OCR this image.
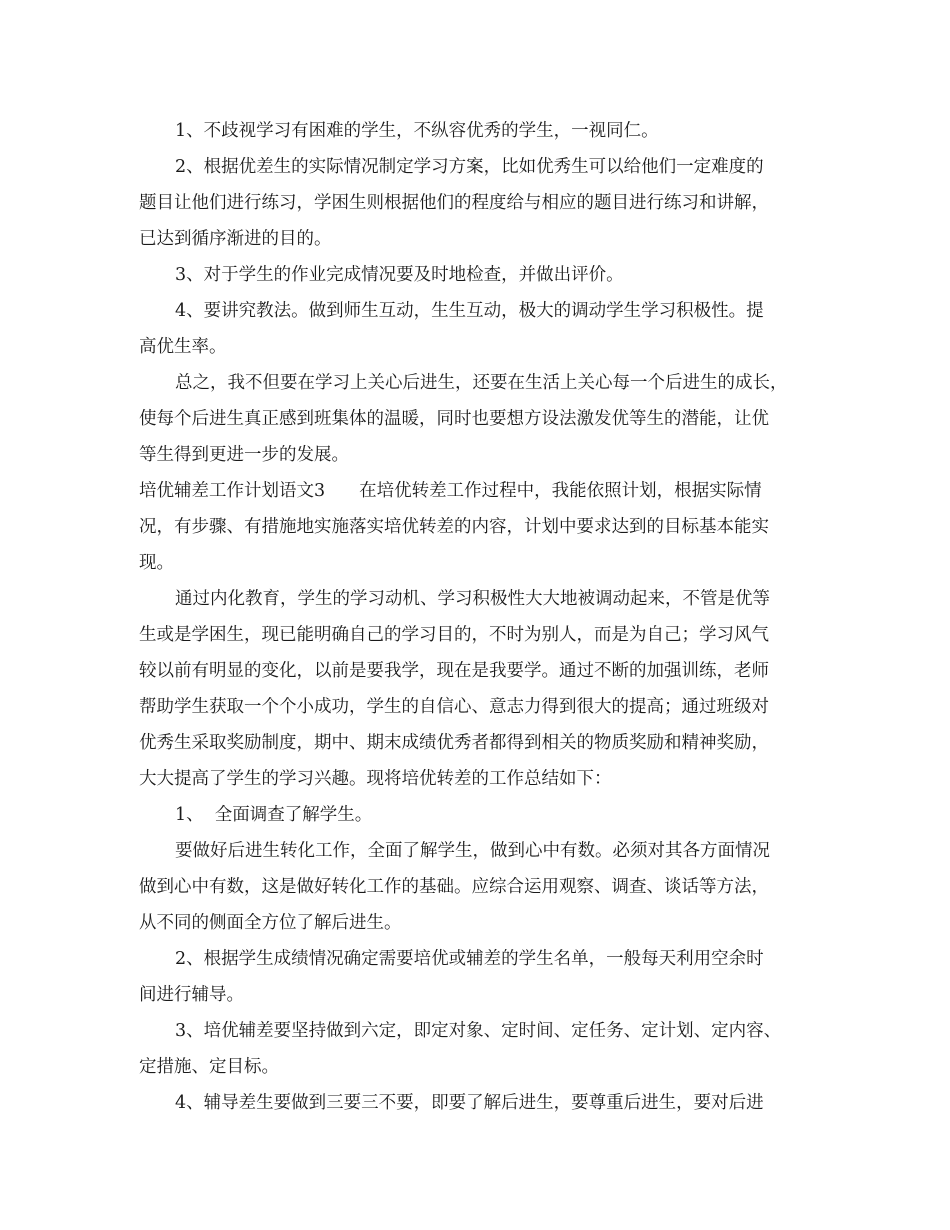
1、不歧视学习有困难的学生，不纵容优秀的学生，一视同仁。
2、根据优差生的实际情况制定学习方案，比如优秀生可以给他们一定难度的
题目让他们进行练习，学困生则根据他们的程度给与相应的题目进行练习和讲解，
已达到循序渐进的目的。
3、对于学生的作业完成情况要及时地检查，并做出评价。
4、要讲究教法。做到师生互动，生生互动，极大的调动学生学习积极性。提
高优生率。
总之，我不但要在学习上关心后进生，还要在生活上关心每一个后进生的成长，
使每个后进生真正感到班集体的温暖，同时也要想方设法激发优等生的潜能，让优
等生得到更进一步的发展。
培优辅差工作计划语文3 在培优转差工作过程中，我能依照计划，根据实际情
况，有步骤、有措施地实施落实培优转差的内容，计划中要求达到的目标基本能实
现。
通过内化教育，学生的学习动机、学习积极性大大地被调动起来，不管是优等
生或是学困生，现已能明确自己的学习目的，不时为别人，而是为自己；学习风气
较以前有明显的变化，以前是要我学，现在是我要学。通过不断的加强训练，老师
帮助学生获取一个个小成功，学生的自信心、意志力得到很大的提高；通过班级对
优秀生采取奖励制度，期中、期末成绩优秀者都得到相关的物质奖励和精神奖励，
大大提高了学生的学习兴趣。现将培优转差的工作总结如下：
1、  全面调查了解学生。
要做好后进生转化工作，全面了解学生，做到心中有数。必须对其各方面情况
做到心中有数，这是做好转化工作的基础。应综合运用观察、调查、谈话等方法，
从不同的侧面全方位了解后进生。
2、根据学生成绩情况确定需要培优或辅差的学生名单，一般每天利用空余时
间进行辅导。
3、培优辅差要坚持做到六定，即定对象、定时间、定任务、定计划、定内容、
定措施、定目标。
4、辅导差生要做到三要三不要，即要了解后进生，要尊重后进生，要对后进
